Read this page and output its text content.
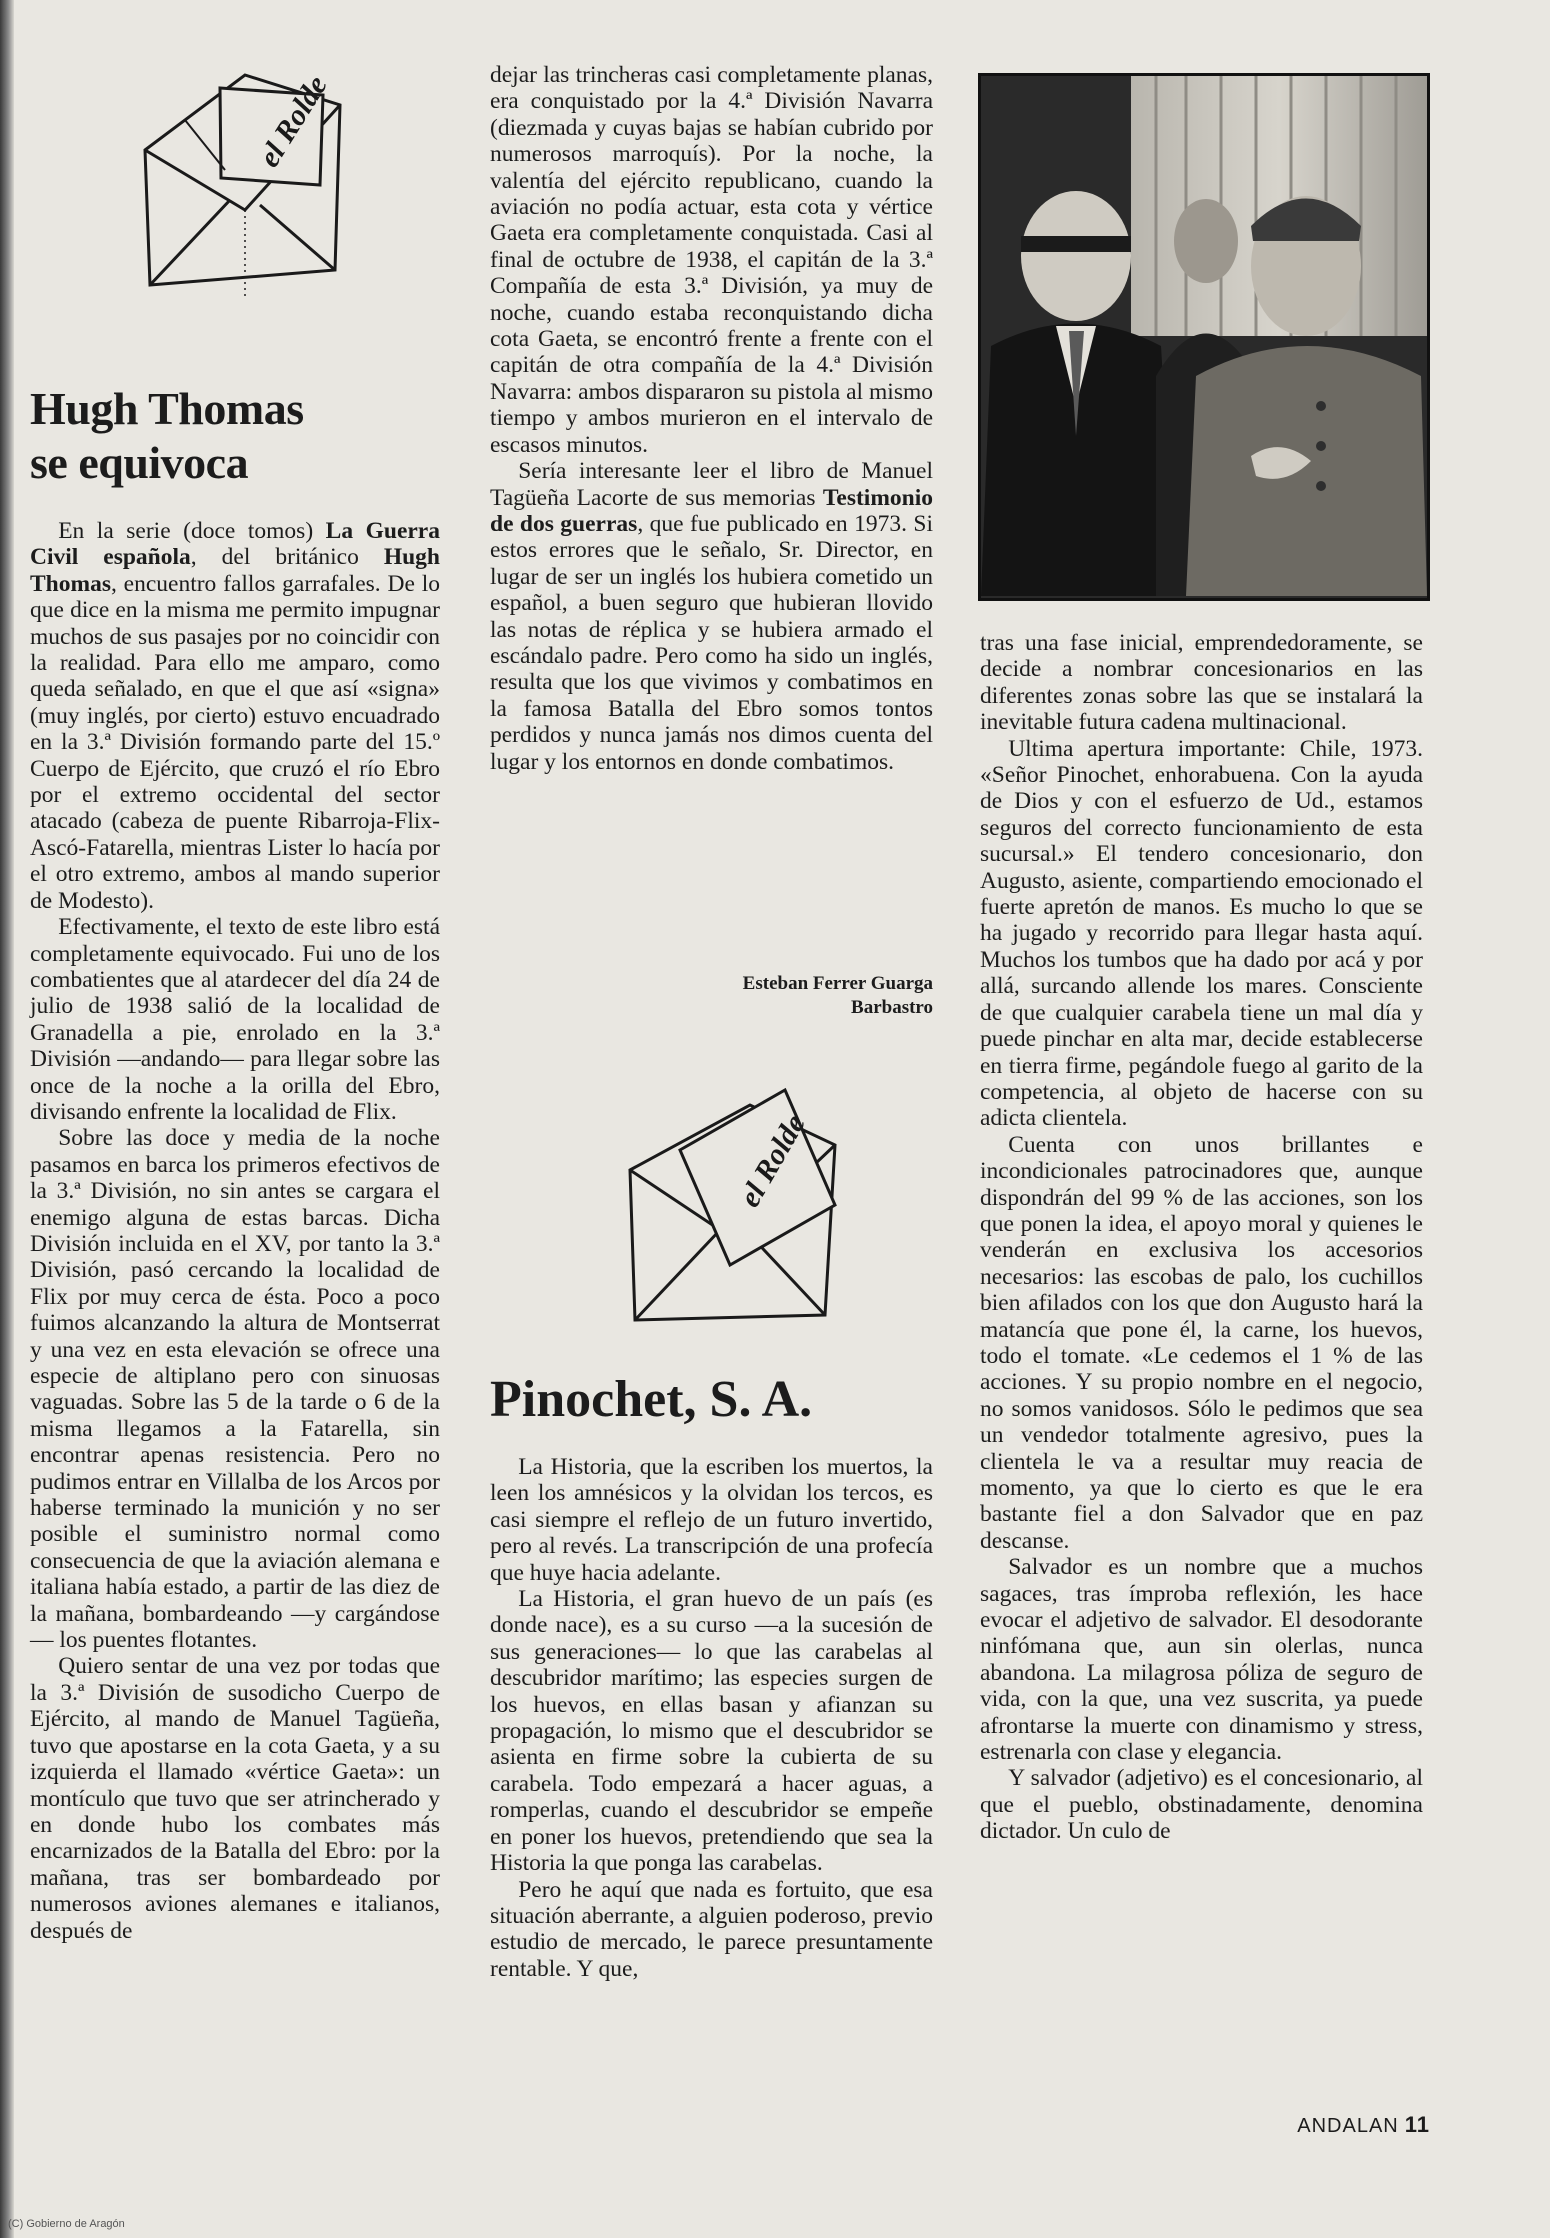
el Rolde
Hugh Thomas
se equivoca

En la serie (doce tomos) La Guerra Civil española, del británico Hugh Thomas, encuentro fallos garrafales. De lo que dice en la misma me permito impugnar muchos de sus pasajes por no coincidir con la realidad. Para ello me amparo, como queda señalado, en que el que así «signa» (muy inglés, por cierto) estuvo encuadrado en la 3.ª División formando parte del 15.º Cuerpo de Ejército, que cruzó el río Ebro por el extremo occidental del sector atacado (cabeza de puente Ribarroja-Flix-Ascó-Fatarella, mientras Lister lo hacía por el otro extremo, ambos al mando superior de Modesto).

Efectivamente, el texto de este libro está completamente equivocado. Fui uno de los combatientes que al atardecer del día 24 de julio de 1938 salió de la localidad de Granadella a pie, enrolado en la 3.ª División —andando— para llegar sobre las once de la noche a la orilla del Ebro, divisando enfrente la localidad de Flix.

Sobre las doce y media de la noche pasamos en barca los primeros efectivos de la 3.ª División, no sin antes se cargara el enemigo alguna de estas barcas. Dicha División incluida en el XV, por tanto la 3.ª División, pasó cercando la localidad de Flix por muy cerca de ésta. Poco a poco fuimos alcanzando la altura de Montserrat y una vez en esta elevación se ofrece una especie de altiplano pero con sinuosas vaguadas. Sobre las 5 de la tarde o 6 de la misma llegamos a la Fatarella, sin encontrar apenas resistencia. Pero no pudimos entrar en Villalba de los Arcos por haberse terminado la munición y no ser posible el suministro normal como consecuencia de que la aviación alemana e italiana había estado, a partir de las diez de la mañana, bombardeando —y cargándose— los puentes flotantes.

Quiero sentar de una vez por todas que la 3.ª División de susodicho Cuerpo de Ejército, al mando de Manuel Tagüeña, tuvo que apostarse en la cota Gaeta, y a su izquierda el llamado «vértice Gaeta»: un montículo que tuvo que ser atrincherado y en donde hubo los combates más encarnizados de la Batalla del Ebro: por la mañana, tras ser bombardeado por numerosos aviones alemanes e italianos, después de

dejar las trincheras casi completamente planas, era conquistado por la 4.ª División Navarra (diezmada y cuyas bajas se habían cubrido por numerosos marroquís). Por la noche, la valentía del ejército republicano, cuando la aviación no podía actuar, esta cota y vértice Gaeta era completamente conquistada. Casi al final de octubre de 1938, el capitán de la 3.ª Compañía de esta 3.ª División, ya muy de noche, cuando estaba reconquistando dicha cota Gaeta, se encontró frente a frente con el capitán de otra compañía de la 4.ª División Navarra: ambos dispararon su pistola al mismo tiempo y ambos murieron en el intervalo de escasos minutos.

Sería interesante leer el libro de Manuel Tagüeña Lacorte de sus memorias Testimonio de dos guerras, que fue publicado en 1973. Si estos errores que le señalo, Sr. Director, en lugar de ser un inglés los hubiera cometido un español, a buen seguro que hubieran llovido las notas de réplica y se hubiera armado el escándalo padre. Pero como ha sido un inglés, resulta que los que vivimos y combatimos en la famosa Batalla del Ebro somos tontos perdidos y nunca jamás nos dimos cuenta del lugar y los entornos en donde combatimos.

Esteban Ferrer Guarga
Barbastro
el Rolde
Pinochet, S. A.

La Historia, que la escriben los muertos, la leen los amnésicos y la olvidan los tercos, es casi siempre el reflejo de un futuro invertido, pero al revés. La transcripción de una profecía que huye hacia adelante.

La Historia, el gran huevo de un país (es donde nace), es a su curso —a la sucesión de sus generaciones— lo que las carabelas al descubridor marítimo; las especies surgen de los huevos, en ellas basan y afianzan su propagación, lo mismo que el descubridor se asienta en firme sobre la cubierta de su carabela. Todo empezará a hacer aguas, a romperlas, cuando el descubridor se empeñe en poner los huevos, pretendiendo que sea la Historia la que ponga las carabelas.

Pero he aquí que nada es fortuito, que esa situación aberrante, a alguien poderoso, previo estudio de mercado, le parece presuntamente rentable. Y que,

tras una fase inicial, emprendedoramente, se decide a nombrar concesionarios en las diferentes zonas sobre las que se instalará la inevitable futura cadena multinacional.

Ultima apertura importante: Chile, 1973. «Señor Pinochet, enhorabuena. Con la ayuda de Dios y con el esfuerzo de Ud., estamos seguros del correcto funcionamiento de esta sucursal.» El tendero concesionario, don Augusto, asiente, compartiendo emocionado el fuerte apretón de manos. Es mucho lo que se ha jugado y recorrido para llegar hasta aquí. Muchos los tumbos que ha dado por acá y por allá, surcando allende los mares. Consciente de que cualquier carabela tiene un mal día y puede pinchar en alta mar, decide establecerse en tierra firme, pegándole fuego al garito de la competencia, al objeto de hacerse con su adicta clientela.

Cuenta con unos brillantes e incondicionales patrocinadores que, aunque dispondrán del 99 % de las acciones, son los que ponen la idea, el apoyo moral y quienes le venderán en exclusiva los accesorios necesarios: las escobas de palo, los cuchillos bien afilados con los que don Augusto hará la matancía que pone él, la carne, los huevos, todo el tomate. «Le cedemos el 1 % de las acciones. Y su propio nombre en el negocio, no somos vanidosos. Sólo le pedimos que sea un vendedor totalmente agresivo, pues la clientela le va a resultar muy reacia de momento, ya que lo cierto es que le era bastante fiel a don Salvador que en paz descanse.

Salvador es un nombre que a muchos sagaces, tras ímproba reflexión, les hace evocar el adjetivo de salvador. El desodorante ninfómana que, aun sin olerlas, nunca abandona. La milagrosa póliza de seguro de vida, con la que, una vez suscrita, ya puede afrontarse la muerte con dinamismo y stress, estrenarla con clase y elegancia.

Y salvador (adjetivo) es el concesionario, al que el pueblo, obstinadamente, denomina dictador. Un culo de

ANDALAN 11
(C) Gobierno de Aragón
